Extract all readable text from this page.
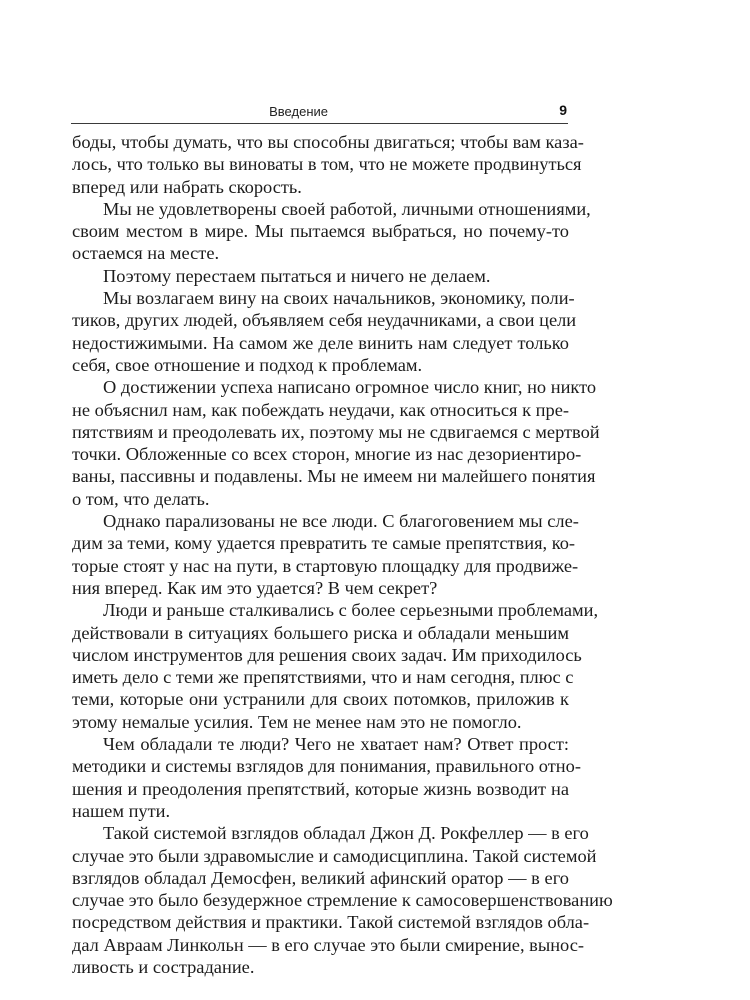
Введение	9
боды, чтобы думать, что вы способны двигаться; чтобы вам каза-
лось, что только вы виноваты в том, что не можете продвинуться
вперед или набрать скорость.
Мы не удовлетворены своей работой, личными отношениями,
своим местом в мире. Мы пытаемся выбраться, но почему-то
остаемся на месте.
Поэтому перестаем пытаться и ничего не делаем.
Мы возлагаем вину на своих начальников, экономику, поли-
тиков, других людей, объявляем себя неудачниками, а свои цели
недостижимыми. На самом же деле винить нам следует только
себя, свое отношение и подход к проблемам.
О достижении успеха написано огромное число книг, но никто
не объяснил нам, как побеждать неудачи, как относиться к пре-
пятствиям и преодолевать их, поэтому мы не сдвигаемся с мертвой
точки. Обложенные со всех сторон, многие из нас дезориентиро-
ваны, пассивны и подавлены. Мы не имеем ни малейшего понятия
о том, что делать.
Однако парализованы не все люди. С благоговением мы сле-
дим за теми, кому удается превратить те самые препятствия, ко-
торые стоят у нас на пути, в стартовую площадку для продвиже-
ния вперед. Как им это удается? В чем секрет?
Люди и раньше сталкивались с более серьезными проблемами,
действовали в ситуациях большего риска и обладали меньшим
числом инструментов для решения своих задач. Им приходилось
иметь дело с теми же препятствиями, что и нам сегодня, плюс с
теми, которые они устранили для своих потомков, приложив к
этому немалые усилия. Тем не менее нам это не помогло.
Чем обладали те люди? Чего не хватает нам? Ответ прост:
методики и системы взглядов для понимания, правильного отно-
шения и преодоления препятствий, которые жизнь возводит на
нашем пути.
Такой системой взглядов обладал Джон Д. Рокфеллер — в его
случае это были здравомыслие и самодисциплина. Такой системой
взглядов обладал Демосфен, великий афинский оратор — в его
случае это было безудержное стремление к самосовершенствованию
посредством действия и практики. Такой системой взглядов обла-
дал Авраам Линкольн — в его случае это были смирение, вынос-
ливость и сострадание.
